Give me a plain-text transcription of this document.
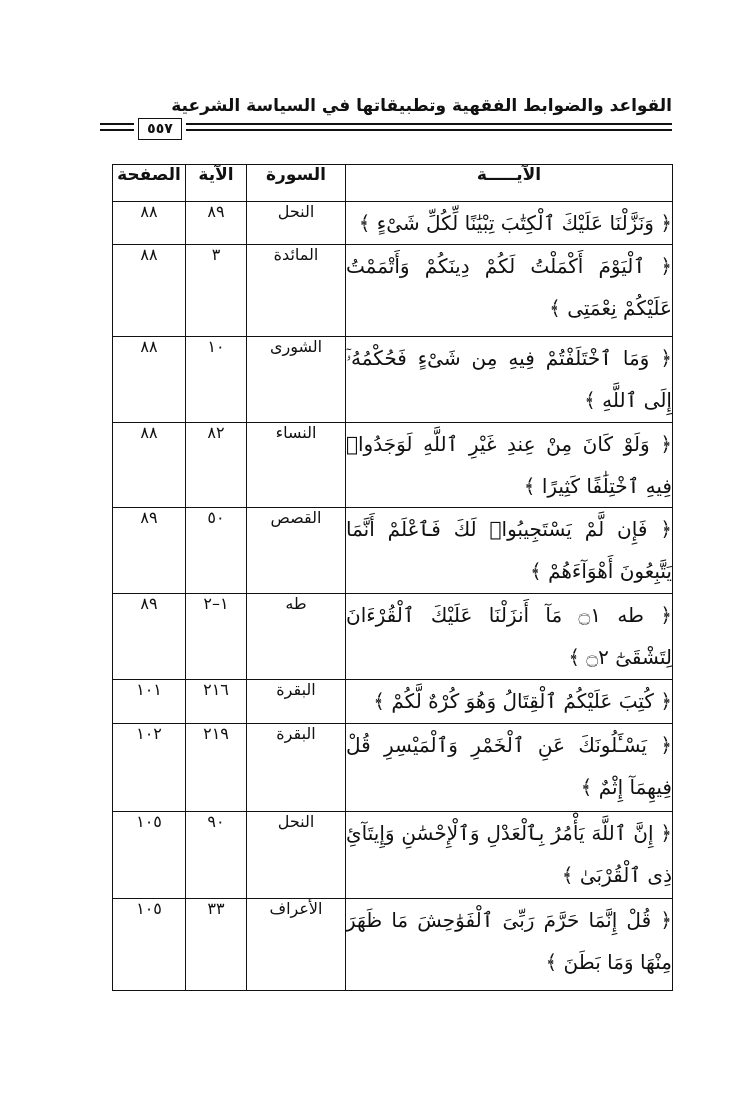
القواعد والضوابط الفقهية وتطبيقاتها في السياسة الشرعية
٥٥٧
الآيـــــة	السورة	الآية	الصفحة
﴿ وَنَزَّلْنَا عَلَيْكَ ٱلْكِتَٰبَ تِبْيَٰنًا لِّكُلِّ شَىْءٍ ﴾	النحل	٨٩	٨٨
﴿ ٱلْيَوْمَ أَكْمَلْتُ لَكُمْ دِينَكُمْ وَأَتْمَمْتُ عَلَيْكُمْ نِعْمَتِى ﴾	المائدة	٣	٨٨
﴿ وَمَا ٱخْتَلَفْتُمْ فِيهِ مِن شَىْءٍ فَحُكْمُهُۥٓ إِلَى ٱللَّهِ ﴾	الشورى	١٠	٨٨
﴿ وَلَوْ كَانَ مِنْ عِندِ غَيْرِ ٱللَّهِ لَوَجَدُوا۟ فِيهِ ٱخْتِلَٰفًا كَثِيرًا ﴾	النساء	٨٢	٨٨
﴿ فَإِن لَّمْ يَسْتَجِيبُوا۟ لَكَ فَٱعْلَمْ أَنَّمَا يَتَّبِعُونَ أَهْوَآءَهُمْ ﴾	القصص	٥٠	٨٩
﴿ طه ۝١ مَآ أَنزَلْنَا عَلَيْكَ ٱلْقُرْءَانَ لِتَشْقَىٰٓ ۝٢ ﴾	طه	١–٢	٨٩
﴿ كُتِبَ عَلَيْكُمُ ٱلْقِتَالُ وَهُوَ كُرْهٌ لَّكُمْ ﴾	البقرة	٢١٦	١٠١
﴿ يَسْـَٔلُونَكَ عَنِ ٱلْخَمْرِ وَٱلْمَيْسِرِ قُلْ فِيهِمَآ إِثْمٌ ﴾	البقرة	٢١٩	١٠٢
﴿ إِنَّ ٱللَّهَ يَأْمُرُ بِٱلْعَدْلِ وَٱلْإِحْسَٰنِ وَإِيتَآئِ ذِى ٱلْقُرْبَىٰ ﴾	النحل	٩٠	١٠٥
﴿ قُلْ إِنَّمَا حَرَّمَ رَبِّىَ ٱلْفَوَٰحِشَ مَا ظَهَرَ مِنْهَا وَمَا بَطَنَ ﴾	الأعراف	٣٣	١٠٥
